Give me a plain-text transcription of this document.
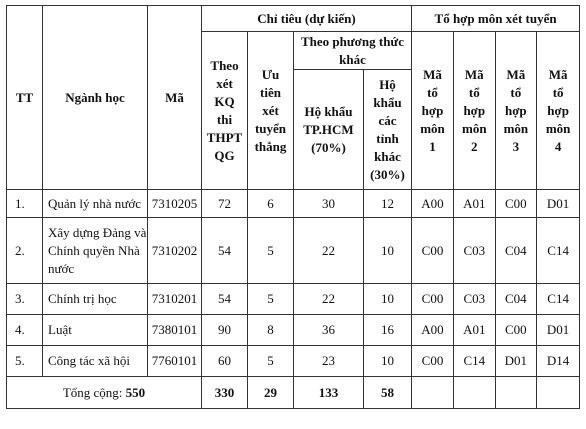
TT	Ngành học	Mã	Chỉ tiêu (dự kiến)				Tổ hợp môn xét tuyển			
			Theo xét KQ thi THPT QG	Ưu tiên xét tuyển thẳng	Theo phương thức khác		Mã tổ hợp môn 1	Mã tổ hợp môn 2	Mã tổ hợp môn 3	Mã tổ hợp môn 4
					Hộ khẩu TP.HCM (70%)	Hộ khẩu các tỉnh khác (30%)				
1.	Quản lý nhà nước	7310205	72	6	30	12	A00	A01	C00	D01
2.	Xây dựng Đảng và Chính quyền Nhà nước	7310202	54	5	22	10	C00	C03	C04	C14
3.	Chính trị học	7310201	54	5	22	10	C00	C03	C04	C14
4.	Luật	7380101	90	8	36	16	A00	A01	C00	D01
5.	Công tác xã hội	7760101	60	5	23	10	C00	C14	D01	D14
Tổng cộng: 550			330	29	133	58				
